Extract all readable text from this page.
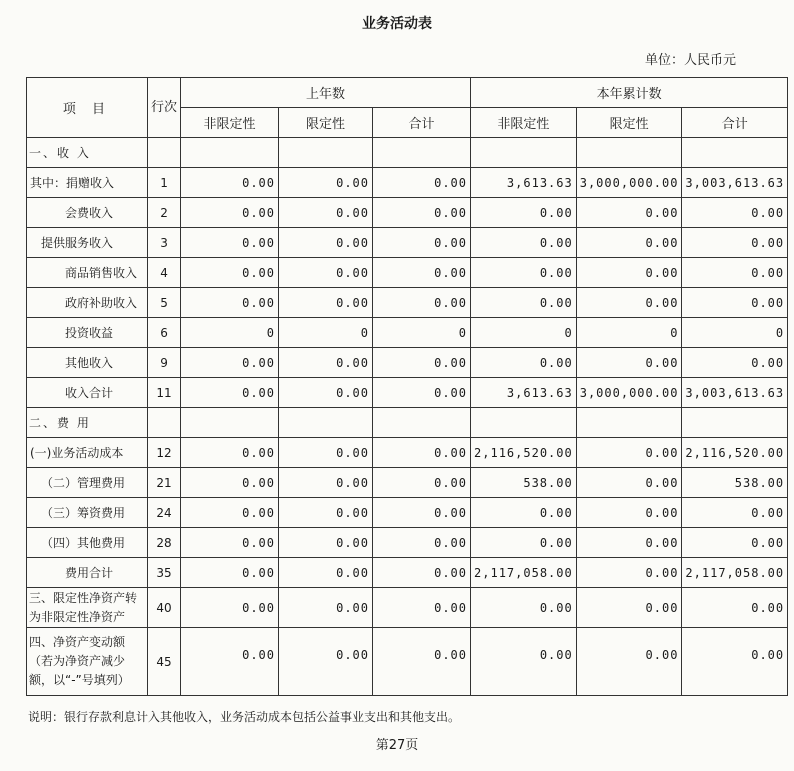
业务活动表
单位：人民币元
项 目	行次	上年数			本年累计数		
		非限定性	限定性	合计	非限定性	限定性	合计
一、收 入							
其中：捐赠收入	1	0.00	0.00	0.00	3,613.63	3,000,000.00	3,003,613.63
会费收入	2	0.00	0.00	0.00	0.00	0.00	0.00
提供服务收入	3	0.00	0.00	0.00	0.00	0.00	0.00
商品销售收入	4	0.00	0.00	0.00	0.00	0.00	0.00
政府补助收入	5	0.00	0.00	0.00	0.00	0.00	0.00
投资收益	6	0	0	0	0	0	0
其他收入	9	0.00	0.00	0.00	0.00	0.00	0.00
收入合计	11	0.00	0.00	0.00	3,613.63	3,000,000.00	3,003,613.63
二、费 用							
(一)业务活动成本	12	0.00	0.00	0.00	2,116,520.00	0.00	2,116,520.00
（二）管理费用	21	0.00	0.00	0.00	538.00	0.00	538.00
（三）筹资费用	24	0.00	0.00	0.00	0.00	0.00	0.00
（四）其他费用	28	0.00	0.00	0.00	0.00	0.00	0.00
费用合计	35	0.00	0.00	0.00	2,117,058.00	0.00	2,117,058.00
三、限定性净资产转为非限定性净资产	40	0.00	0.00	0.00	0.00	0.00	0.00
四、净资产变动额（若为净资产减少额，以“-”号填列）	45	0.00	0.00	0.00	0.00	0.00	0.00
说明：银行存款利息计入其他收入，业务活动成本包括公益事业支出和其他支出。
第27页
